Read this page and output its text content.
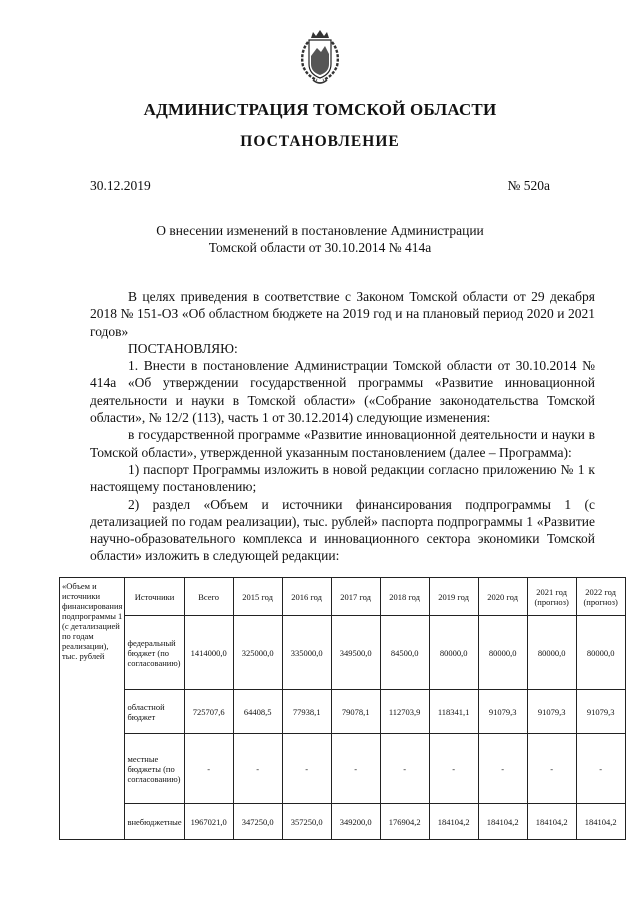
АДМИНИСТРАЦИЯ ТОМСКОЙ ОБЛАСТИ
ПОСТАНОВЛЕНИЕ
30.12.2019	№ 520а
О внесении изменений в постановление Администрации
Томской области от 30.10.2014 № 414а

В целях приведения в соответствие с Законом Томской области от 29 декабря 2018 № 151-ОЗ «Об областном бюджете на 2019 год и на плановый период 2020 и 2021 годов»

ПОСТАНОВЛЯЮ:

1. Внести в постановление Администрации Томской области от 30.10.2014 № 414а «Об утверждении государственной программы «Развитие инновационной деятельности и науки в Томской области» («Собрание законодательства Томской области», № 12/2 (113), часть 1 от 30.12.2014) следующие изменения:

в государственной программе «Развитие инновационной деятельности и науки в Томской области», утвержденной указанным постановлением (далее – Программа):

1) паспорт Программы изложить в новой редакции согласно приложению № 1 к настоящему постановлению;

2) раздел «Объем и источники финансирования подпрограммы 1 (с детализацией по годам реализации), тыс. рублей» паспорта подпрограммы 1 «Развитие научно-образовательного комплекса и инновационного сектора экономики Томской области» изложить в следующей редакции:

«Объем и источники финансирования подпрограммы 1 (с детализацией по годам реализации), тыс. рублей	Источники	Всего	2015 год	2016 год	2017 год	2018 год	2019 год	2020 год	2021 год (прогноз)	2022 год (прогноз)
	федеральный бюджет (по согласованию)	1414000,0	325000,0	335000,0	349500,0	84500,0	80000,0	80000,0	80000,0	80000,0
	областной бюджет	725707,6	64408,5	77938,1	79078,1	112703,9	118341,1	91079,3	91079,3	91079,3
	местные бюджеты (по согласованию)	-	-	-	-	-	-	-	-	-
	внебюджетные	1967021,0	347250,0	357250,0	349200,0	176904,2	184104,2	184104,2	184104,2	184104,2
